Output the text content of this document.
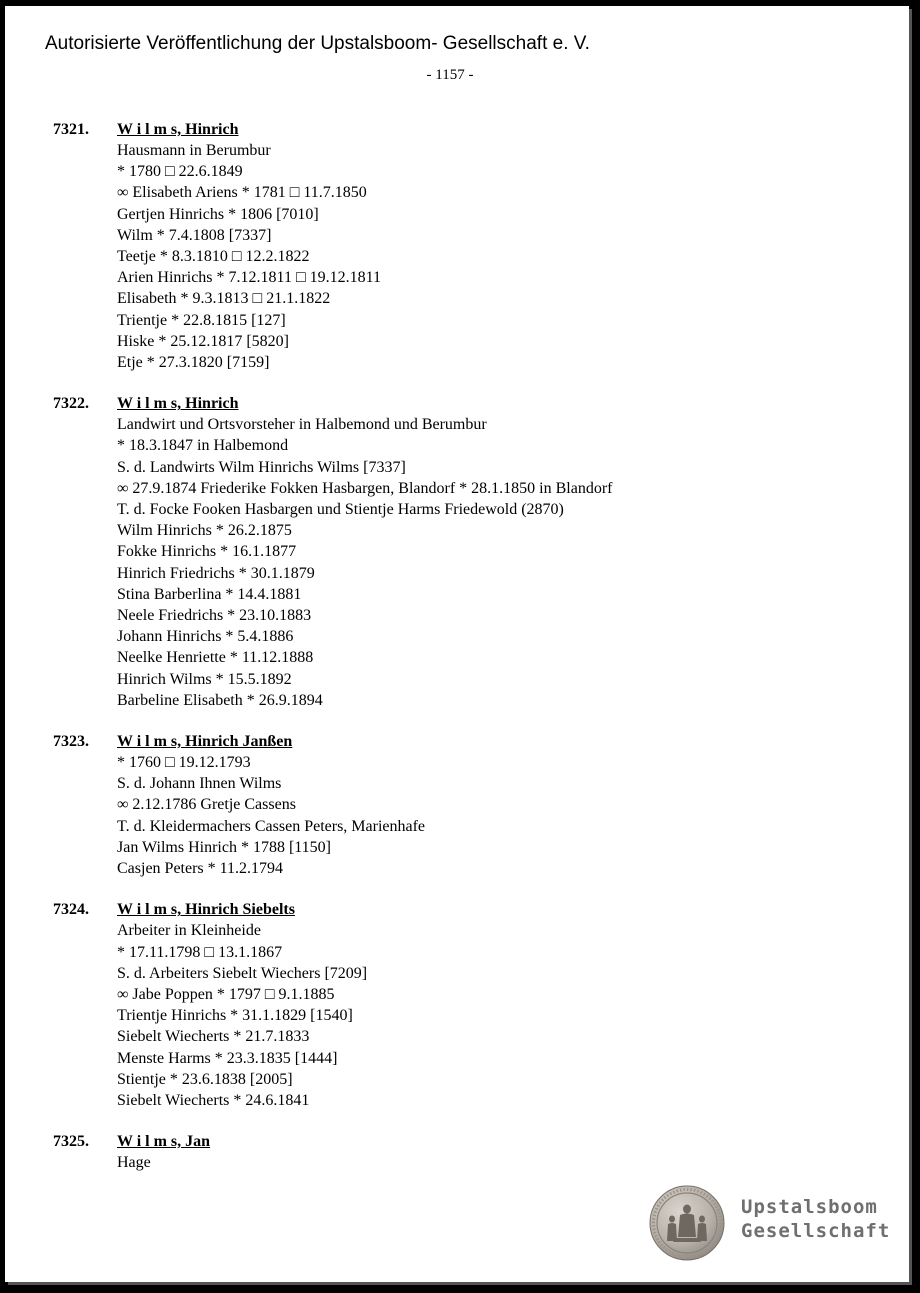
Autorisierte Veröffentlichung der Upstalsboom- Gesellschaft e. V.
- 1157 -
7321. W i l m s, Hinrich
Hausmann in Berumbur
* 1780 □ 22.6.1849
∞ Elisabeth Ariens * 1781 □ 11.7.1850
Gertjen Hinrichs * 1806 [7010]
Wilm * 7.4.1808 [7337]
Teetje * 8.3.1810 □ 12.2.1822
Arien Hinrichs * 7.12.1811 □ 19.12.1811
Elisabeth * 9.3.1813 □ 21.1.1822
Trientje * 22.8.1815 [127]
Hiske * 25.12.1817 [5820]
Etje * 27.3.1820 [7159]
7322. W i l m s, Hinrich
Landwirt und Ortsvorsteher in Halbemond und Berumbur
* 18.3.1847 in Halbemond
S. d. Landwirts Wilm Hinrichs Wilms [7337]
∞ 27.9.1874 Friederike Fokken Hasbargen, Blandorf * 28.1.1850 in Blandorf
T. d. Focke Fooken Hasbargen und Stientje Harms Friedewold (2870)
Wilm Hinrichs * 26.2.1875
Fokke Hinrichs * 16.1.1877
Hinrich Friedrichs * 30.1.1879
Stina Barberlina * 14.4.1881
Neele Friedrichs * 23.10.1883
Johann Hinrichs * 5.4.1886
Neelke Henriette * 11.12.1888
Hinrich Wilms * 15.5.1892
Barbeline Elisabeth * 26.9.1894
7323. W i l m s, Hinrich Janßen
* 1760 □ 19.12.1793
S. d. Johann Ihnen Wilms
∞ 2.12.1786 Gretje Cassens
T. d. Kleidermachers Cassen Peters, Marienhafe
Jan Wilms Hinrich * 1788 [1150]
Casjen Peters * 11.2.1794
7324. W i l m s, Hinrich Siebelts
Arbeiter in Kleinheide
* 17.11.1798 □ 13.1.1867
S. d. Arbeiters Siebelt Wiechers [7209]
∞ Jabe Poppen * 1797 □ 9.1.1885
Trientje Hinrichs * 31.1.1829 [1540]
Siebelt Wiecherts * 21.7.1833
Menste Harms * 23.3.1835 [1444]
Stientje * 23.6.1838 [2005]
Siebelt Wiecherts * 24.6.1841
7325. W i l m s, Jan
Hage
Upstalsboom
Gesellschaft
